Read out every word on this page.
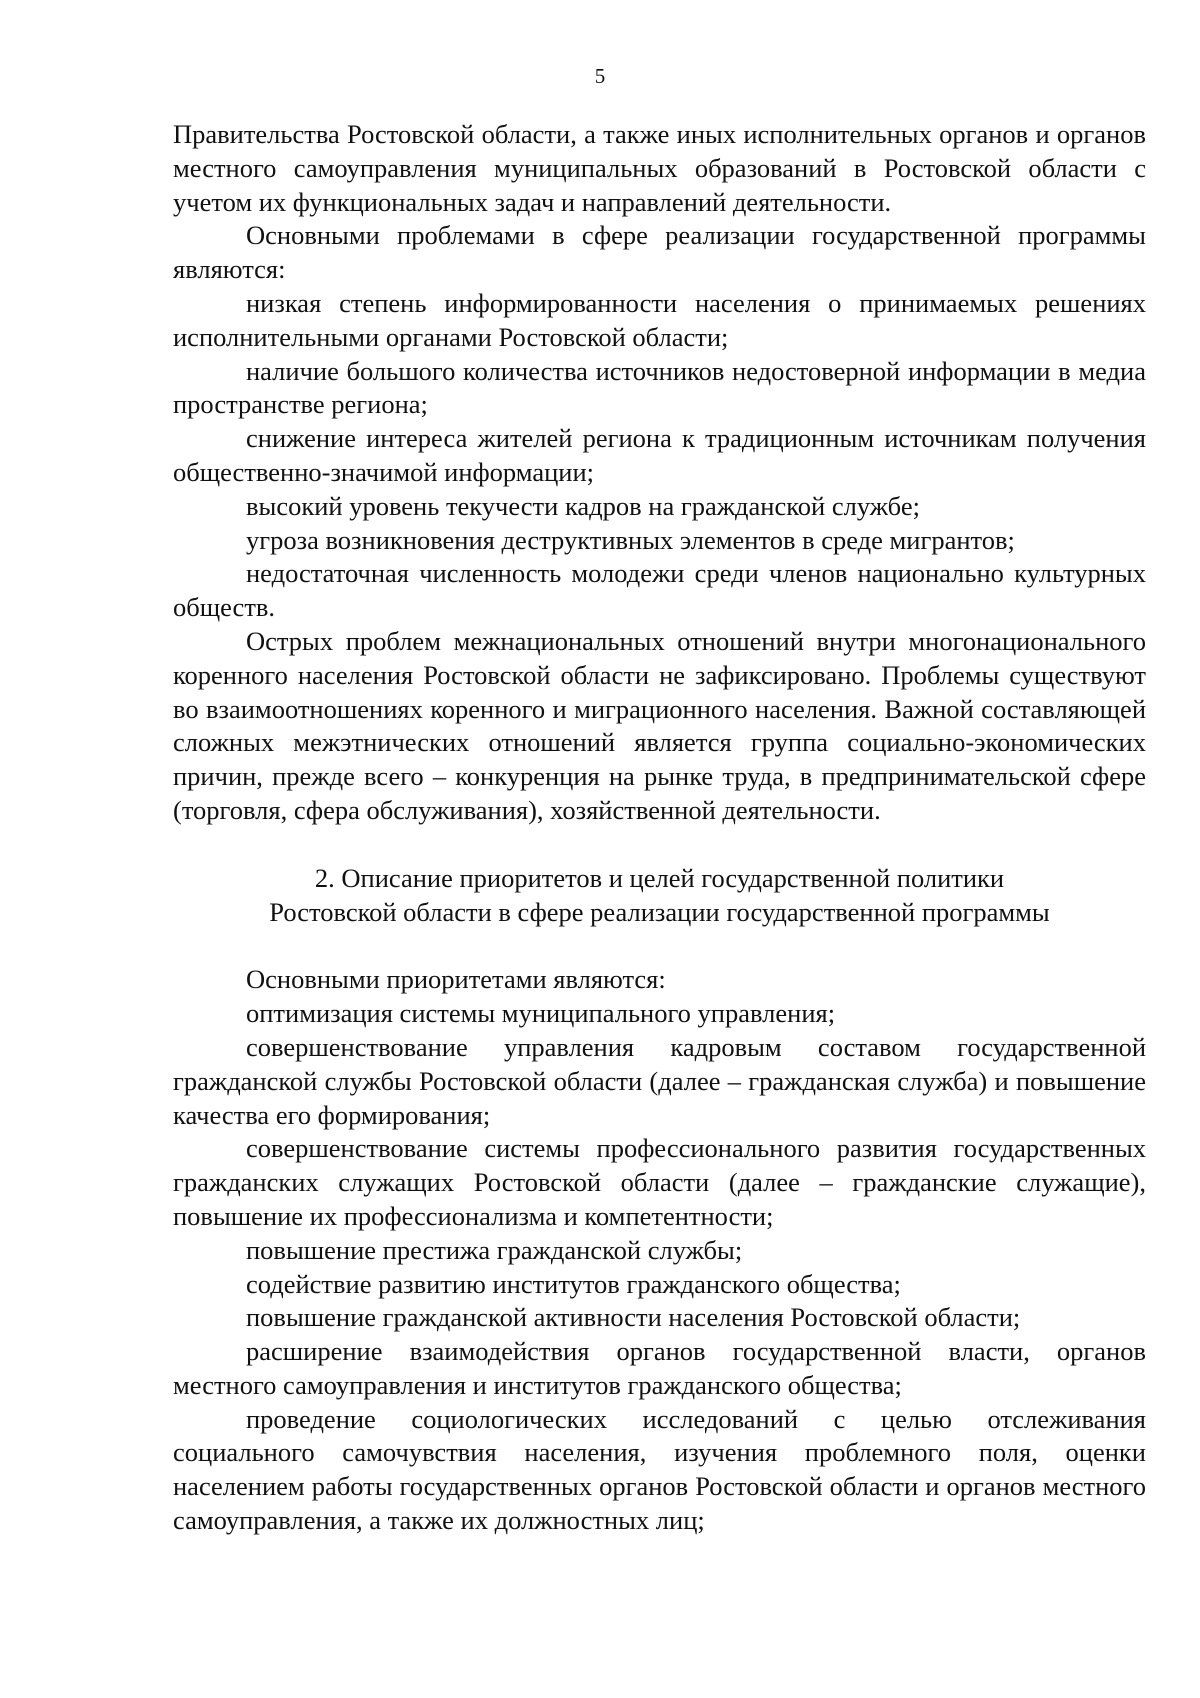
5

Правительства Ростовской области, а также иных исполнительных органов и органов местного самоуправления муниципальных образований в Ростовской области с учетом их функциональных задач и направлений деятельности.

Основными проблемами в сфере реализации государственной программы являются:

низкая степень информированности населения о принимаемых решениях исполнительными органами Ростовской области;

наличие большого количества источников недостоверной информации в медиа пространстве региона;

снижение интереса жителей региона к традиционным источникам получения общественно-значимой информации;

высокий уровень текучести кадров на гражданской службе;

угроза возникновения деструктивных элементов в среде мигрантов;

недостаточная численность молодежи среди членов национально культурных обществ.

Острых проблем межнациональных отношений внутри многонационального коренного населения Ростовской области не зафиксировано. Проблемы существуют во взаимоотношениях коренного и миграционного населения. Важной составляющей сложных межэтнических отношений является группа социально-экономических причин, прежде всего – конкуренция на рынке труда, в предпринимательской сфере (торговля, сфера обслуживания), хозяйственной деятельности.

2. Описание приоритетов и целей государственной политики
Ростовской области в сфере реализации государственной программы

Основными приоритетами являются:

оптимизация системы муниципального управления;

совершенствование управления кадровым составом государственной гражданской службы Ростовской области (далее – гражданская служба) и повышение качества его формирования;

совершенствование системы профессионального развития государственных гражданских служащих Ростовской области (далее – гражданские служащие), повышение их профессионализма и компетентности;

повышение престижа гражданской службы;

содействие развитию институтов гражданского общества;

повышение гражданской активности населения Ростовской области;

расширение взаимодействия органов государственной власти, органов местного самоуправления и институтов гражданского общества;

проведение социологических исследований с целью отслеживания социального самочувствия населения, изучения проблемного поля, оценки населением работы государственных органов Ростовской области и органов местного самоуправления, а также их должностных лиц;
